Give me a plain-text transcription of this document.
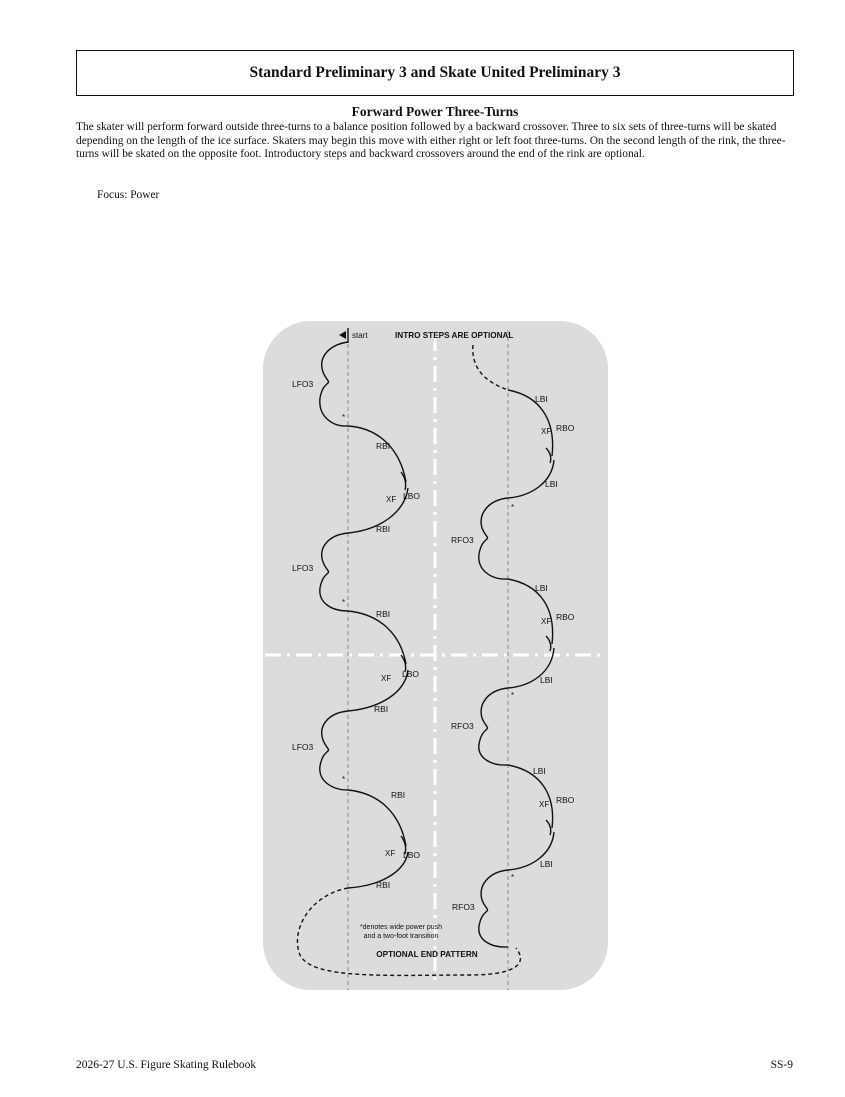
Standard Preliminary 3 and Skate United Preliminary 3
Forward Power Three-Turns

The skater will perform forward outside three-turns to a balance position followed by a backward crossover. Three to six sets of three-turns will be skated depending on the length of the ice surface. Skaters may begin this move with either right or left foot three-turns. On the second length of the rink, the three-turns will be skated on the opposite foot. Introductory steps and backward crossovers around the end of the rink are optional.

Focus: Power
start	INTRO STEPS ARE OPTIONAL
LFO3
*
RBI
XF LBO
RBI
LFO3
*
RBI
XF LBO
RBI
LFO3
*
RBI
XF LBO
RBI
LBI
XF RBO
LBI
*
RFO3
LBI
XF RBO
LBI
*
RFO3
LBI
XF RBO
LBI
*
RFO3
*denotes wide power push
and a two-foot transition
OPTIONAL END PATTERN
2026-27 U.S. Figure Skating Rulebook	SS-9
